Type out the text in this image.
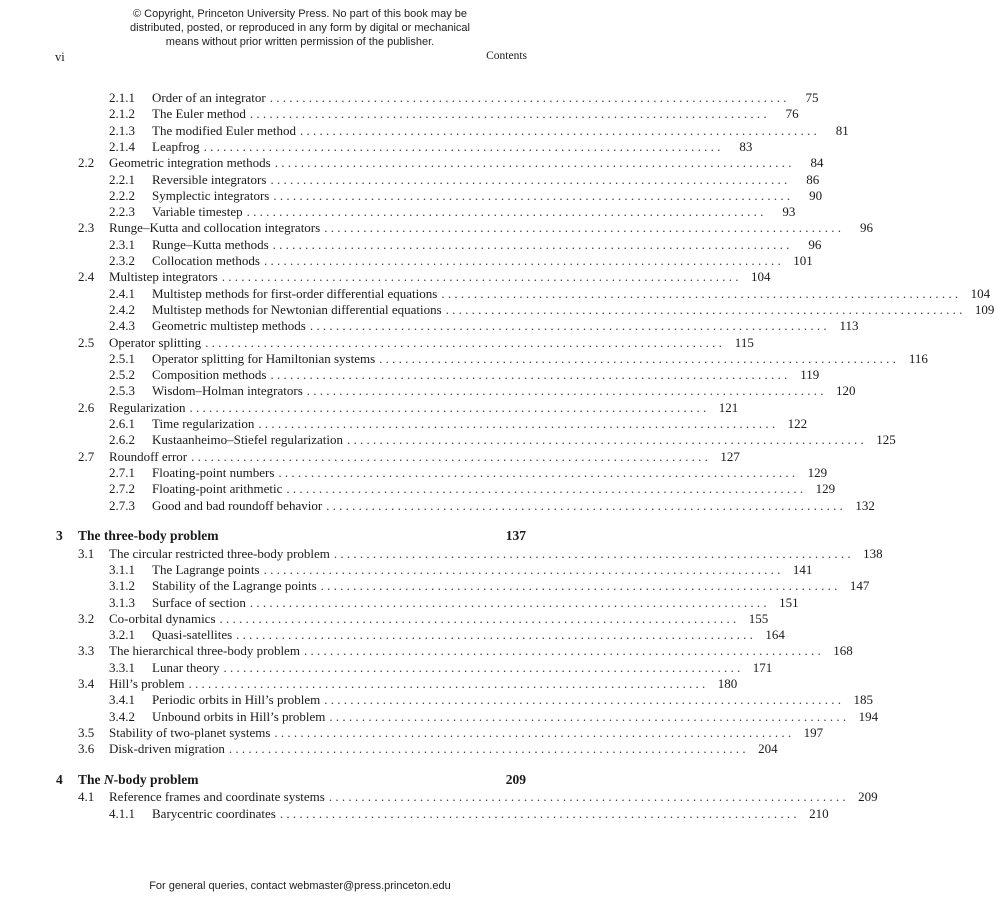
© Copyright, Princeton University Press. No part of this book may be
distributed, posted, or reproduced in any form by digital or mechanical
means without prior written permission of the publisher.
vi	Contents
2.1.1	Order of an integrator . . . . . . . . . . . . . . . . . . . . . . . . . . . . . . . . . . . . . . . . . . . . . . . . . . . . . . . . . . . . . . . . . . . . . . . . . . . . . . . .	75
2.1.2	The Euler method . . . . . . . . . . . . . . . . . . . . . . . . . . . . . . . . . . . . . . . . . . . . . . . . . . . . . . . . . . . . . . . . . . . . . . . . . . . . . . . .	76
2.1.3	The modified Euler method . . . . . . . . . . . . . . . . . . . . . . . . . . . . . . . . . . . . . . . . . . . . . . . . . . . . . . . . . . . . . . . . . . . . . . . . . . . . . . . .	81
2.1.4	Leapfrog . . . . . . . . . . . . . . . . . . . . . . . . . . . . . . . . . . . . . . . . . . . . . . . . . . . . . . . . . . . . . . . . . . . . . . . . . . . . . . . .	83
2.2	Geometric integration methods . . . . . . . . . . . . . . . . . . . . . . . . . . . . . . . . . . . . . . . . . . . . . . . . . . . . . . . . . . . . . . . . . . . . . . . . . . . . . . . .	84
2.2.1	Reversible integrators . . . . . . . . . . . . . . . . . . . . . . . . . . . . . . . . . . . . . . . . . . . . . . . . . . . . . . . . . . . . . . . . . . . . . . . . . . . . . . . .	86
2.2.2	Symplectic integrators . . . . . . . . . . . . . . . . . . . . . . . . . . . . . . . . . . . . . . . . . . . . . . . . . . . . . . . . . . . . . . . . . . . . . . . . . . . . . . . .	90
2.2.3	Variable timestep . . . . . . . . . . . . . . . . . . . . . . . . . . . . . . . . . . . . . . . . . . . . . . . . . . . . . . . . . . . . . . . . . . . . . . . . . . . . . . . .	93
2.3	Runge–Kutta and collocation integrators . . . . . . . . . . . . . . . . . . . . . . . . . . . . . . . . . . . . . . . . . . . . . . . . . . . . . . . . . . . . . . . . . . . . . . . . . . . . . . . .	96
2.3.1	Runge–Kutta methods . . . . . . . . . . . . . . . . . . . . . . . . . . . . . . . . . . . . . . . . . . . . . . . . . . . . . . . . . . . . . . . . . . . . . . . . . . . . . . . .	96
2.3.2	Collocation methods . . . . . . . . . . . . . . . . . . . . . . . . . . . . . . . . . . . . . . . . . . . . . . . . . . . . . . . . . . . . . . . . . . . . . . . . . . . . . . . . 101
2.4	Multistep integrators . . . . . . . . . . . . . . . . . . . . . . . . . . . . . . . . . . . . . . . . . . . . . . . . . . . . . . . . . . . . . . . . . . . . . . . . . . . . . . . . 104
2.4.1	Multistep methods for first-order differential equations . . . . . . . . . . . . . . . . . . . . . . . . . . . . . . . . . . . . . . . . . . . . . . . . . . . . . . . . . . . . . . . . . . . . . . . . . . . . . . . . 104
2.4.2	Multistep methods for Newtonian differential equations . . . . . . . . . . . . . . . . . . . . . . . . . . . . . . . . . . . . . . . . . . . . . . . . . . . . . . . . . . . . . . . . . . . . . . . . . . . . . . . . 109
2.4.3	Geometric multistep methods . . . . . . . . . . . . . . . . . . . . . . . . . . . . . . . . . . . . . . . . . . . . . . . . . . . . . . . . . . . . . . . . . . . . . . . . . . . . . . . . 113
2.5	Operator splitting . . . . . . . . . . . . . . . . . . . . . . . . . . . . . . . . . . . . . . . . . . . . . . . . . . . . . . . . . . . . . . . . . . . . . . . . . . . . . . . . 115
2.5.1	Operator splitting for Hamiltonian systems . . . . . . . . . . . . . . . . . . . . . . . . . . . . . . . . . . . . . . . . . . . . . . . . . . . . . . . . . . . . . . . . . . . . . . . . . . . . . . . . 116
2.5.2	Composition methods . . . . . . . . . . . . . . . . . . . . . . . . . . . . . . . . . . . . . . . . . . . . . . . . . . . . . . . . . . . . . . . . . . . . . . . . . . . . . . . . 119
2.5.3	Wisdom–Holman integrators . . . . . . . . . . . . . . . . . . . . . . . . . . . . . . . . . . . . . . . . . . . . . . . . . . . . . . . . . . . . . . . . . . . . . . . . . . . . . . . . 120
2.6	Regularization . . . . . . . . . . . . . . . . . . . . . . . . . . . . . . . . . . . . . . . . . . . . . . . . . . . . . . . . . . . . . . . . . . . . . . . . . . . . . . . . 121
2.6.1	Time regularization . . . . . . . . . . . . . . . . . . . . . . . . . . . . . . . . . . . . . . . . . . . . . . . . . . . . . . . . . . . . . . . . . . . . . . . . . . . . . . . . 122
2.6.2	Kustaanheimo–Stiefel regularization . . . . . . . . . . . . . . . . . . . . . . . . . . . . . . . . . . . . . . . . . . . . . . . . . . . . . . . . . . . . . . . . . . . . . . . . . . . . . . . . 125
2.7	Roundoff error . . . . . . . . . . . . . . . . . . . . . . . . . . . . . . . . . . . . . . . . . . . . . . . . . . . . . . . . . . . . . . . . . . . . . . . . . . . . . . . . 127
2.7.1	Floating-point numbers . . . . . . . . . . . . . . . . . . . . . . . . . . . . . . . . . . . . . . . . . . . . . . . . . . . . . . . . . . . . . . . . . . . . . . . . . . . . . . . . 129
2.7.2	Floating-point arithmetic . . . . . . . . . . . . . . . . . . . . . . . . . . . . . . . . . . . . . . . . . . . . . . . . . . . . . . . . . . . . . . . . . . . . . . . . . . . . . . . . 129
2.7.3	Good and bad roundoff behavior . . . . . . . . . . . . . . . . . . . . . . . . . . . . . . . . . . . . . . . . . . . . . . . . . . . . . . . . . . . . . . . . . . . . . . . . . . . . . . . . 132
3	The three-body problem	137
3.1	The circular restricted three-body problem . . . . . . . . . . . . . . . . . . . . . . . . . . . . . . . . . . . . . . . . . . . . . . . . . . . . . . . . . . . . . . . . . . . . . . . . . . . . . . . . 138
3.1.1	The Lagrange points . . . . . . . . . . . . . . . . . . . . . . . . . . . . . . . . . . . . . . . . . . . . . . . . . . . . . . . . . . . . . . . . . . . . . . . . . . . . . . . . 141
3.1.2	Stability of the Lagrange points . . . . . . . . . . . . . . . . . . . . . . . . . . . . . . . . . . . . . . . . . . . . . . . . . . . . . . . . . . . . . . . . . . . . . . . . . . . . . . . . 147
3.1.3	Surface of section . . . . . . . . . . . . . . . . . . . . . . . . . . . . . . . . . . . . . . . . . . . . . . . . . . . . . . . . . . . . . . . . . . . . . . . . . . . . . . . . 151
3.2	Co-orbital dynamics . . . . . . . . . . . . . . . . . . . . . . . . . . . . . . . . . . . . . . . . . . . . . . . . . . . . . . . . . . . . . . . . . . . . . . . . . . . . . . . . 155
3.2.1	Quasi-satellites . . . . . . . . . . . . . . . . . . . . . . . . . . . . . . . . . . . . . . . . . . . . . . . . . . . . . . . . . . . . . . . . . . . . . . . . . . . . . . . . 164
3.3	The hierarchical three-body problem . . . . . . . . . . . . . . . . . . . . . . . . . . . . . . . . . . . . . . . . . . . . . . . . . . . . . . . . . . . . . . . . . . . . . . . . . . . . . . . . 168
3.3.1	Lunar theory . . . . . . . . . . . . . . . . . . . . . . . . . . . . . . . . . . . . . . . . . . . . . . . . . . . . . . . . . . . . . . . . . . . . . . . . . . . . . . . . 171
3.4	Hill’s problem . . . . . . . . . . . . . . . . . . . . . . . . . . . . . . . . . . . . . . . . . . . . . . . . . . . . . . . . . . . . . . . . . . . . . . . . . . . . . . . . 180
3.4.1	Periodic orbits in Hill’s problem . . . . . . . . . . . . . . . . . . . . . . . . . . . . . . . . . . . . . . . . . . . . . . . . . . . . . . . . . . . . . . . . . . . . . . . . . . . . . . . . 185
3.4.2	Unbound orbits in Hill’s problem . . . . . . . . . . . . . . . . . . . . . . . . . . . . . . . . . . . . . . . . . . . . . . . . . . . . . . . . . . . . . . . . . . . . . . . . . . . . . . . . 194
3.5	Stability of two-planet systems . . . . . . . . . . . . . . . . . . . . . . . . . . . . . . . . . . . . . . . . . . . . . . . . . . . . . . . . . . . . . . . . . . . . . . . . . . . . . . . . 197
3.6	Disk-driven migration . . . . . . . . . . . . . . . . . . . . . . . . . . . . . . . . . . . . . . . . . . . . . . . . . . . . . . . . . . . . . . . . . . . . . . . . . . . . . . . . 204
4	The N-body problem	209
4.1	Reference frames and coordinate systems . . . . . . . . . . . . . . . . . . . . . . . . . . . . . . . . . . . . . . . . . . . . . . . . . . . . . . . . . . . . . . . . . . . . . . . . . . . . . . . . 209
4.1.1	Barycentric coordinates . . . . . . . . . . . . . . . . . . . . . . . . . . . . . . . . . . . . . . . . . . . . . . . . . . . . . . . . . . . . . . . . . . . . . . . . . . . . . . . . 210
For general queries, contact webmaster@press.princeton.edu
